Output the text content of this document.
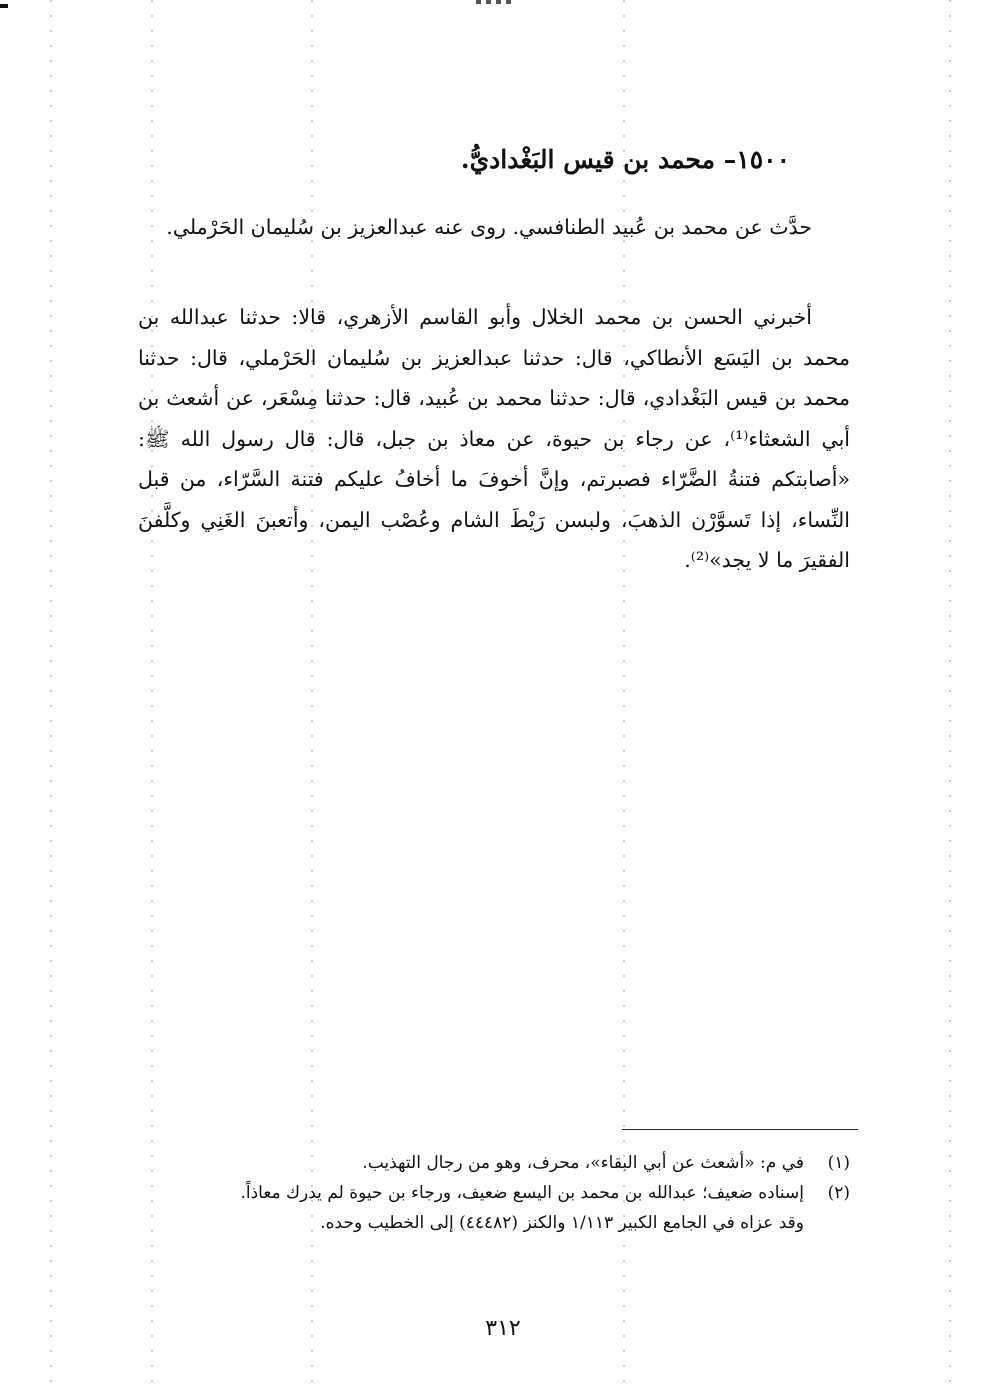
١٥٠٠– محمد بن قيس البَغْداديُّ.

حدَّث عن محمد بن عُبيد الطنافسي. روى عنه عبدالعزيز بن سُليمان الحَرْملي.

أخبرني الحسن بن محمد الخلال وأبو القاسم الأزهري، قالا: حدثنا عبدالله بن محمد بن اليَسَع الأنطاكي، قال: حدثنا عبدالعزيز بن سُليمان الحَرْملي، قال: حدثنا محمد بن قيس البَغْدادي، قال: حدثنا محمد بن عُبيد، قال: حدثنا مِسْعَر، عن أشعث بن أبي الشعثاء⁽¹⁾، عن رجاء بن حيوة، عن معاذ بن جبل، قال: قال رسول الله ﷺ: «أصابتكم فتنةُ الضَّرّاء فصبرتم، وإنَّ أخوفَ ما أخافُ عليكم فتنة السَّرّاء، من قبل النِّساء، إذا تَسوَّرْن الذهبَ، ولبسن رَيْطَ الشام وعُصْب اليمن، وأتعبنَ الغَنِي وكلَّفنَ الفقيرَ ما لا يجد»⁽²⁾.

(١)
في م: «أشعث عن أبي البقاء»، محرف، وهو من رجال التهذيب.
(٢)
إسناده ضعيف؛ عبدالله بن محمد بن اليسع ضعيف، ورجاء بن حيوة لم يدرك معاذاً.
وقد عزاه في الجامع الكبير ١/١١٣ والكنز (٤٤٤٨٢) إلى الخطيب وحده.
٣١٢
